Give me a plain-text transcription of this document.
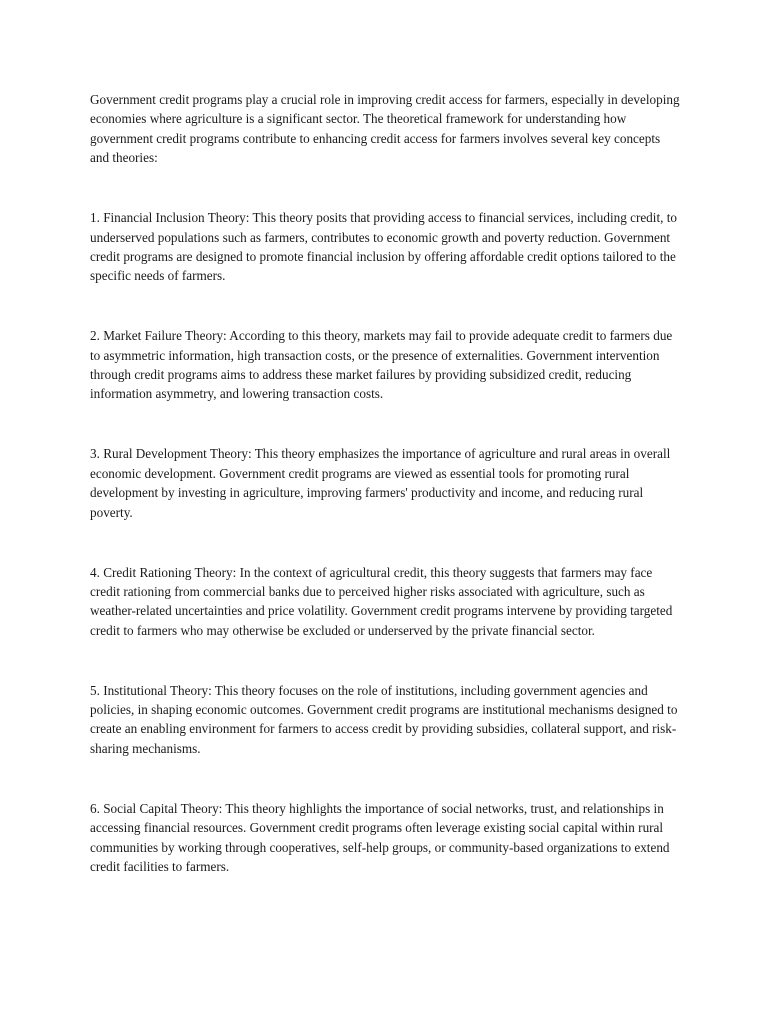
Government credit programs play a crucial role in improving credit access for farmers, especially in developing economies where agriculture is a significant sector. The theoretical framework for understanding how government credit programs contribute to enhancing credit access for farmers involves several key concepts and theories:

1. Financial Inclusion Theory: This theory posits that providing access to financial services, including credit, to underserved populations such as farmers, contributes to economic growth and poverty reduction. Government credit programs are designed to promote financial inclusion by offering affordable credit options tailored to the specific needs of farmers.

2. Market Failure Theory: According to this theory, markets may fail to provide adequate credit to farmers due to asymmetric information, high transaction costs, or the presence of externalities. Government intervention through credit programs aims to address these market failures by providing subsidized credit, reducing information asymmetry, and lowering transaction costs.

3. Rural Development Theory: This theory emphasizes the importance of agriculture and rural areas in overall economic development. Government credit programs are viewed as essential tools for promoting rural development by investing in agriculture, improving farmers' productivity and income, and reducing rural poverty.

4. Credit Rationing Theory: In the context of agricultural credit, this theory suggests that farmers may face credit rationing from commercial banks due to perceived higher risks associated with agriculture, such as weather-related uncertainties and price volatility. Government credit programs intervene by providing targeted credit to farmers who may otherwise be excluded or underserved by the private financial sector.

5. Institutional Theory: This theory focuses on the role of institutions, including government agencies and policies, in shaping economic outcomes. Government credit programs are institutional mechanisms designed to create an enabling environment for farmers to access credit by providing subsidies, collateral support, and risk-sharing mechanisms.

6. Social Capital Theory: This theory highlights the importance of social networks, trust, and relationships in accessing financial resources. Government credit programs often leverage existing social capital within rural communities by working through cooperatives, self-help groups, or community-based organizations to extend credit facilities to farmers.
